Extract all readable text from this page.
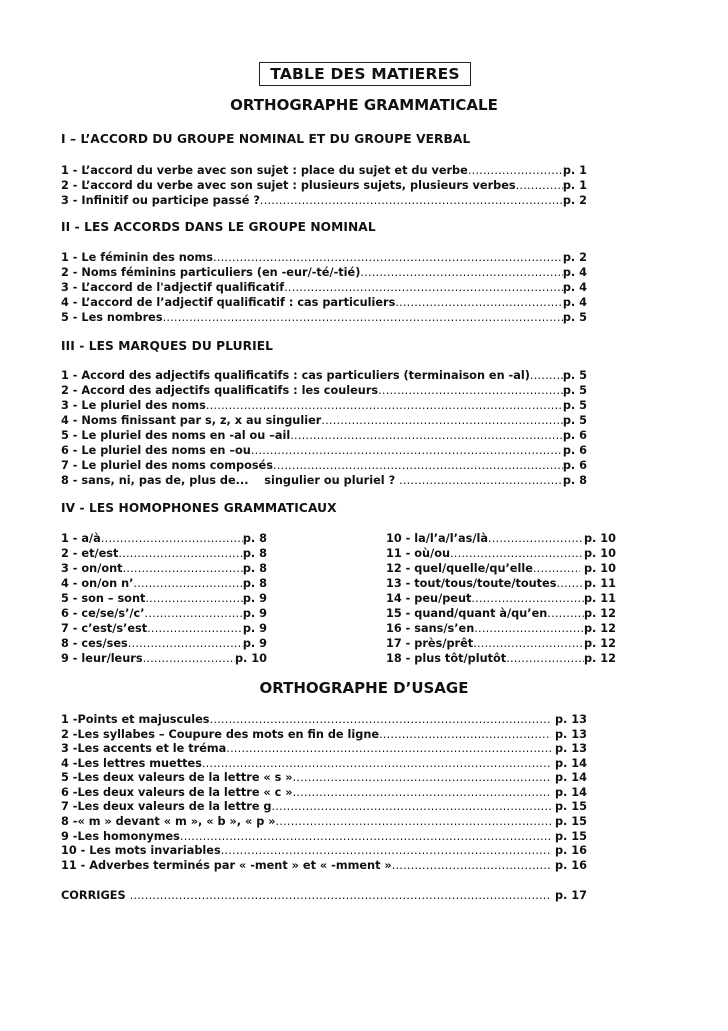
TABLE DES MATIERES
ORTHOGRAPHE GRAMMATICALE
I – L’ACCORD DU GROUPE NOMINAL ET DU GROUPE VERBAL
1 - L’accord du verbe avec son sujet : place du sujet et du verbe .....	p. 1
2 - L’accord du verbe avec son sujet : plusieurs sujets, plusieurs verbes .....	p. 1
3 - Infinitif ou participe passé ? .....	p. 2
II - LES ACCORDS DANS LE GROUPE NOMINAL
1 - Le féminin des noms .....	p. 2
2 - Noms féminins particuliers (en -eur/-té/-tié) .....	p. 4
3 - L’accord de l'adjectif qualificatif .....	p. 4
4 - L’accord de l’adjectif qualificatif : cas particuliers .....	p. 4
5 - Les nombres .....	p. 5
III - LES MARQUES DU PLURIEL
1 - Accord des adjectifs qualificatifs : cas particuliers (terminaison en -al) .....	p. 5
2 - Accord des adjectifs qualificatifs : les couleurs .....	p. 5
3 - Le pluriel des noms .....	p. 5
4 - Noms finissant par s, z, x au singulier .....	p. 5
5 - Le pluriel des noms en -al ou –ail .....	p. 6
6 - Le pluriel des noms en –ou .....	p. 6
7 - Le pluriel des noms composés .....	p. 6
8 - sans, ni, pas de, plus de...    singulier ou pluriel ? .....	p. 8
IV - LES HOMOPHONES GRAMMATICAUX
1 - a/à .....	p. 8
2 - et/est .....	p. 8
3 - on/ont .....	p. 8
4 - on/on n’ .....	p. 8
5 - son – sont .....	p. 9
6 - ce/se/s’/c’ .....	p. 9
7 - c’est/s’est .....	p. 9
8 - ces/ses .....	p. 9
9 - leur/leurs .....	p. 10
10 - la/l’a/l’as/là .....	p. 10
11 - où/ou .....	p. 10
12 - quel/quelle/qu’elle .....	p. 10
13 - tout/tous/toute/toutes ..... p. 11
14 - peu/peut .....	p. 11
15 - quand/quant à/qu’en .....	p. 12
16 - sans/s’en .....	p. 12
17 - près/prêt .....	p. 12
18 - plus tôt/plutôt .....	p. 12
ORTHOGRAPHE D’USAGE
1 - Points et majuscules .....	p. 13
2 - Les syllabes – Coupure des mots en fin de ligne .....	p. 13
3 - Les accents et le tréma .....	p. 13
4 - Les lettres muettes .....	p. 14
5 - Les deux valeurs de la lettre « s » .....	p. 14
6 - Les deux valeurs de la lettre « c » .....	p. 14
7 - Les deux valeurs de la lettre g .....	p. 15
8 - « m » devant « m », « b », « p » .....	p. 15
9 - Les homonymes .....	p. 15
10 - Les mots invariables .....	p. 16
11 - Adverbes terminés par « -ment » et « -mment » .....	p. 16
CORRIGES .....	p. 17
